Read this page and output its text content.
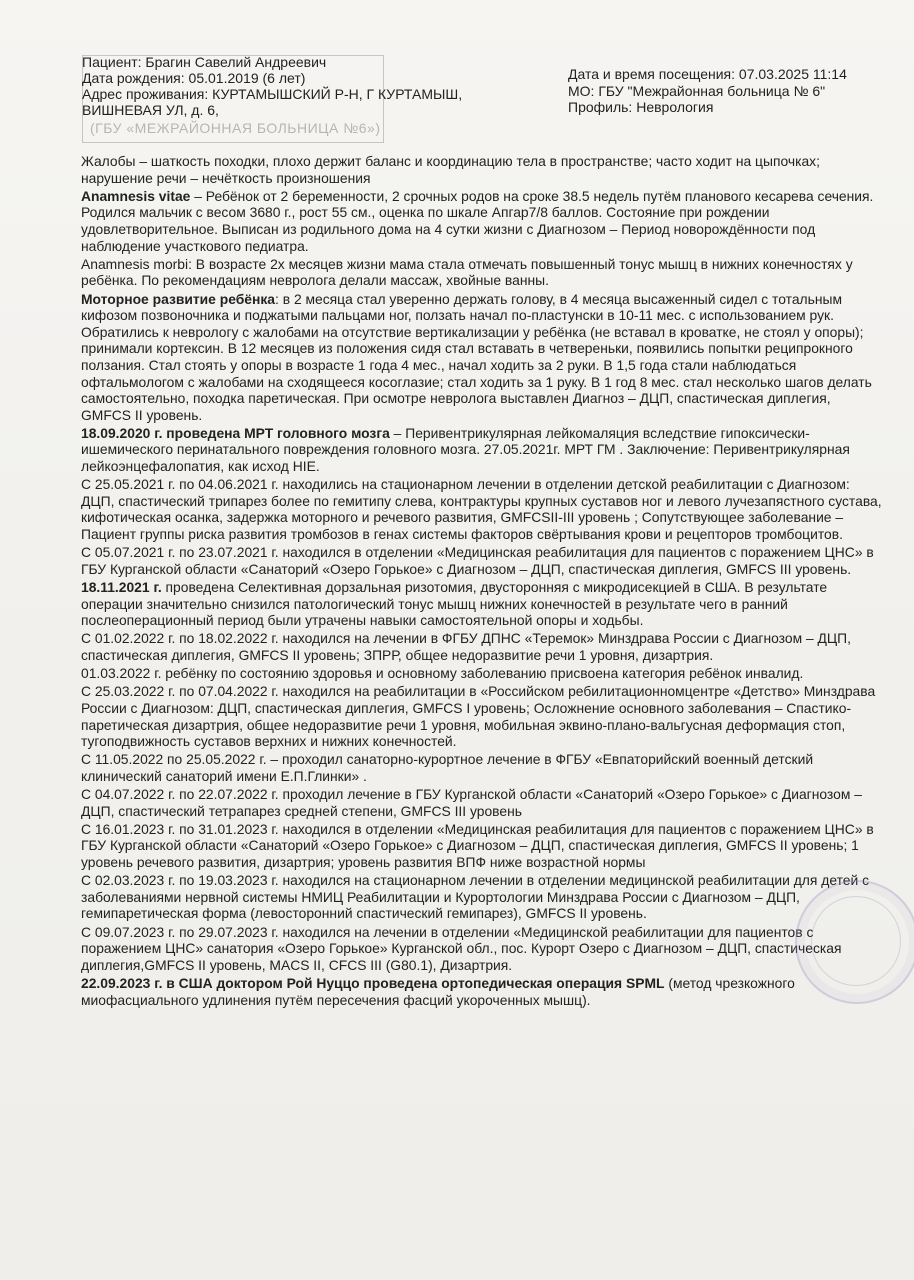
(ГБУ «МЕЖРАЙОННАЯ БОЛЬНИЦА №6»)
Пациент: Брагин Савелий Андреевич
Дата рождения: 05.01.2019 (6 лет)
Адрес проживания: КУРТАМЫШСКИЙ Р-Н, Г КУРТАМЫШ,
ВИШНЕВАЯ УЛ, д. 6,
Дата и время посещения: 07.03.2025 11:14
МО: ГБУ "Межрайонная больница № 6"
Профиль: Неврология

Жалобы – шаткость походки, плохо держит баланс и координацию тела в пространстве; часто ходит на цыпочках; нарушение речи – нечёткость произношения

Anamnesis vitae – Ребёнок от 2 беременности, 2 срочных родов на сроке 38.5 недель путём планового кесарева сечения. Родился мальчик с весом 3680 г., рост 55 см., оценка по шкале Апгар7/8 баллов. Состояние при рождении удовлетворительное. Выписан из родильного дома на 4 сутки жизни с Диагнозом – Период новорождённости под наблюдение участкового педиатра.

Anamnesis morbi: В возрасте 2х месяцев жизни мама стала отмечать повышенный тонус мышц в нижних конечностях у ребёнка. По рекомендациям невролога делали массаж, хвойные ванны.

Моторное развитие ребёнка: в 2 месяца стал уверенно держать голову, в 4 месяца высаженный сидел с тотальным кифозом позвоночника и поджатыми пальцами ног, ползать начал по-пластунски в 10-11 мес. с использованием рук. Обратились к неврологу с жалобами на отсутствие вертикализации у ребёнка (не вставал в кроватке, не стоял у опоры); принимали кортексин. В 12 месяцев из положения сидя стал вставать в четвереньки, появились попытки реципрокного ползания. Стал стоять у опоры в возрасте 1 года 4 мес., начал ходить за 2 руки. В 1,5 года стали наблюдаться офтальмологом с жалобами на сходящееся косоглазие; стал ходить за 1 руку. В 1 год 8 мес. стал несколько шагов делать самостоятельно, походка паретическая. При осмотре невролога выставлен Диагноз – ДЦП, спастическая диплегия, GMFCS II уровень.

18.09.2020 г. проведена МРТ головного мозга – Перивентрикулярная лейкомаляция вследствие гипоксически-ишемического перинатального повреждения головного мозга. 27.05.2021г. МРТ ГМ . Заключение: Перивентрикулярная лейкоэнцефалопатия, как исход HIE.

С 25.05.2021 г. по 04.06.2021 г. находились на стационарном лечении в отделении детской реабилитации с Диагнозом: ДЦП, спастический трипарез более по гемитипу слева, контрактуры крупных суставов ног и левого лучезапястного сустава, кифотическая осанка, задержка моторного и речевого развития, GMFCSII-III уровень ; Сопутствующее заболевание – Пациент группы риска развития тромбозов в генах системы факторов свёртывания крови и рецепторов тромбоцитов.

С 05.07.2021 г. по 23.07.2021 г. находился в отделении «Медицинская реабилитация для пациентов с поражением ЦНС» в ГБУ Курганской области «Санаторий «Озеро Горькое» с Диагнозом – ДЦП, спастическая диплегия, GMFCS III уровень.

18.11.2021 г. проведена Селективная дорзальная ризотомия, двусторонняя с микродисекцией в США. В результате операции значительно снизился патологический тонус мышц нижних конечностей в результате чего в ранний послеоперационный период были утрачены навыки самостоятельной опоры и ходьбы.

С 01.02.2022 г. по 18.02.2022 г. находился на лечении в ФГБУ ДПНС «Теремок» Минздрава России с Диагнозом – ДЦП, спастическая диплегия, GMFCS II уровень; ЗПРР, общее недоразвитие речи 1 уровня, дизартрия.

01.03.2022 г. ребёнку по состоянию здоровья и основному заболеванию присвоена категория ребёнок инвалид.

С 25.03.2022 г. по 07.04.2022 г. находился на реабилитации в «Российском ребилитационномцентре «Детство» Минздрава России с Диагнозом: ДЦП, спастическая диплегия, GMFCS I уровень; Осложнение основного заболевания – Спастико-паретическая дизартрия, общее недоразвитие речи 1 уровня, мобильная эквино-плано-вальгусная деформация стоп, тугоподвижность суставов верхних и нижних конечностей.

С 11.05.2022 по 25.05.2022 г. – проходил санаторно-курортное лечение в ФГБУ «Евпаторийский военный детский клинический санаторий имени Е.П.Глинки» .

С 04.07.2022 г. по 22.07.2022 г. проходил лечение в ГБУ Курганской области «Санаторий «Озеро Горькое» с Диагнозом – ДЦП, спастический тетрапарез средней степени, GMFCS III уровень

С 16.01.2023 г. по 31.01.2023 г. находился в отделении «Медицинская реабилитация для пациентов с поражением ЦНС» в ГБУ Курганской области «Санаторий «Озеро Горькое» с Диагнозом – ДЦП, спастическая диплегия, GMFCS II уровень; 1 уровень речевого развития, дизартрия; уровень развития ВПФ ниже возрастной нормы

С 02.03.2023 г. по 19.03.2023 г. находился на стационарном лечении в отделении медицинской реабилитации для детей с заболеваниями нервной системы НМИЦ Реабилитации и Курортологии Минздрава России с Диагнозом – ДЦП, гемипаретическая форма (левосторонний спастический гемипарез), GMFCS II уровень.

С 09.07.2023 г. по 29.07.2023 г. находился на лечении в отделении «Медицинской реабилитации для пациентов с поражением ЦНС» санатория «Озеро Горькое» Курганской обл., пос. Курорт Озеро с Диагнозом – ДЦП, спастическая диплегия,GMFCS II уровень, MACS II, CFCS III (G80.1), Дизартрия.

22.09.2023 г. в США доктором Рой Нуццо проведена ортопедическая операция SPML (метод чрезкожного миофасциального удлинения путём пересечения фасций укороченных мышц).
